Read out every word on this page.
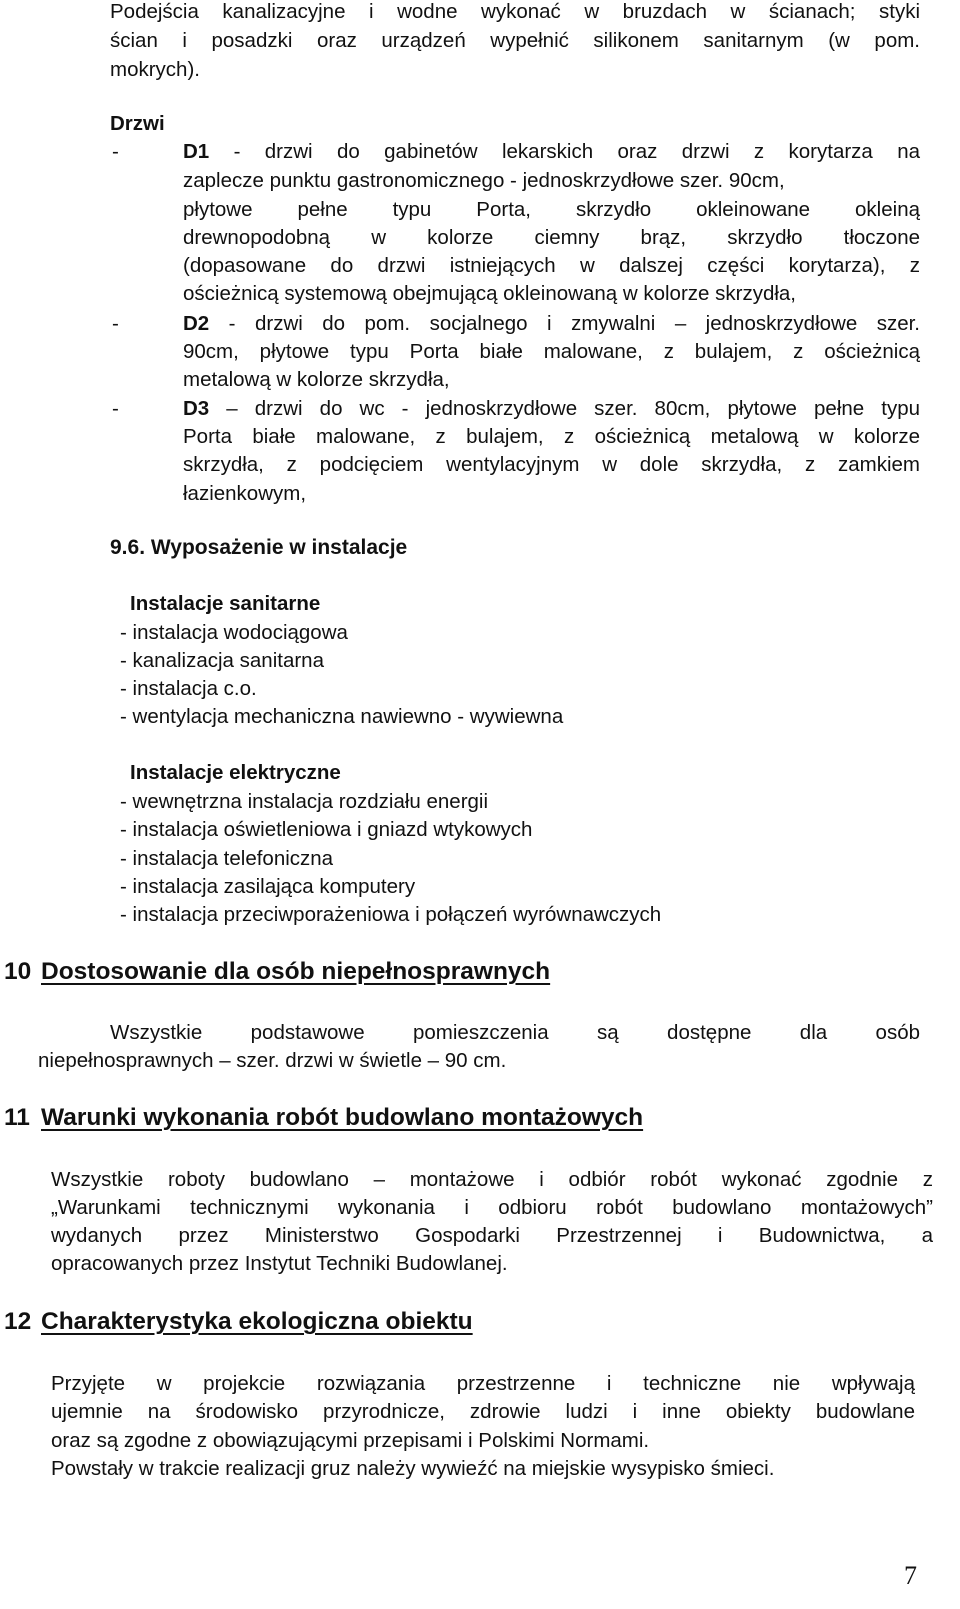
Podejścia kanalizacyjne i wodne wykonać w bruzdach w ścianach; styki
ścian i posadzki oraz urządzeń wypełnić silikonem sanitarnym (w pom.
mokrych).
Drzwi
-	D1 - drzwi do gabinetów lekarskich oraz drzwi z korytarza na
zaplecze punktu gastronomicznego - jednoskrzydłowe szer. 90cm,
płytowe pełne typu Porta, skrzydło okleinowane okleiną
drewnopodobną w kolorze ciemny brąz, skrzydło tłoczone
(dopasowane do drzwi istniejących w dalszej części korytarza), z
ościeżnicą systemową obejmującą okleinowaną w kolorze skrzydła,
-	D2 - drzwi do pom. socjalnego i zmywalni – jednoskrzydłowe szer.
90cm, płytowe typu Porta białe malowane, z bulajem, z ościeżnicą
metalową w kolorze skrzydła,
-	D3 – drzwi do wc - jednoskrzydłowe szer. 80cm, płytowe pełne typu
Porta białe malowane, z bulajem, z ościeżnicą metalową w kolorze
skrzydła, z podcięciem wentylacyjnym w dole skrzydła, z zamkiem
łazienkowym,
9.6. Wyposażenie w instalacje
Instalacje sanitarne
- instalacja wodociągowa
- kanalizacja sanitarna
- instalacja c.o.
- wentylacja mechaniczna nawiewno - wywiewna
Instalacje elektryczne
- wewnętrzna instalacja rozdziału energii
- instalacja oświetleniowa i gniazd wtykowych
- instalacja telefoniczna
- instalacja zasilająca komputery
- instalacja przeciwporażeniowa i połączeń wyrównawczych
10 Dostosowanie dla osób niepełnosprawnych
Wszystkie podstawowe pomieszczenia są dostępne dla osób
niepełnosprawnych – szer. drzwi w świetle – 90 cm.
11 Warunki wykonania robót budowlano montażowych
Wszystkie roboty budowlano – montażowe i odbiór robót wykonać zgodnie z
„Warunkami technicznymi wykonania i odbioru robót budowlano montażowych”
wydanych przez Ministerstwo Gospodarki Przestrzennej i Budownictwa, a
opracowanych przez Instytut Techniki Budowlanej.
12 Charakterystyka ekologiczna obiektu
Przyjęte w projekcie rozwiązania przestrzenne i techniczne nie wpływają
ujemnie na środowisko przyrodnicze, zdrowie ludzi i inne obiekty budowlane
oraz są zgodne z obowiązującymi przepisami i Polskimi Normami.
Powstały w trakcie realizacji gruz należy wywieźć na miejskie wysypisko śmieci.
7
